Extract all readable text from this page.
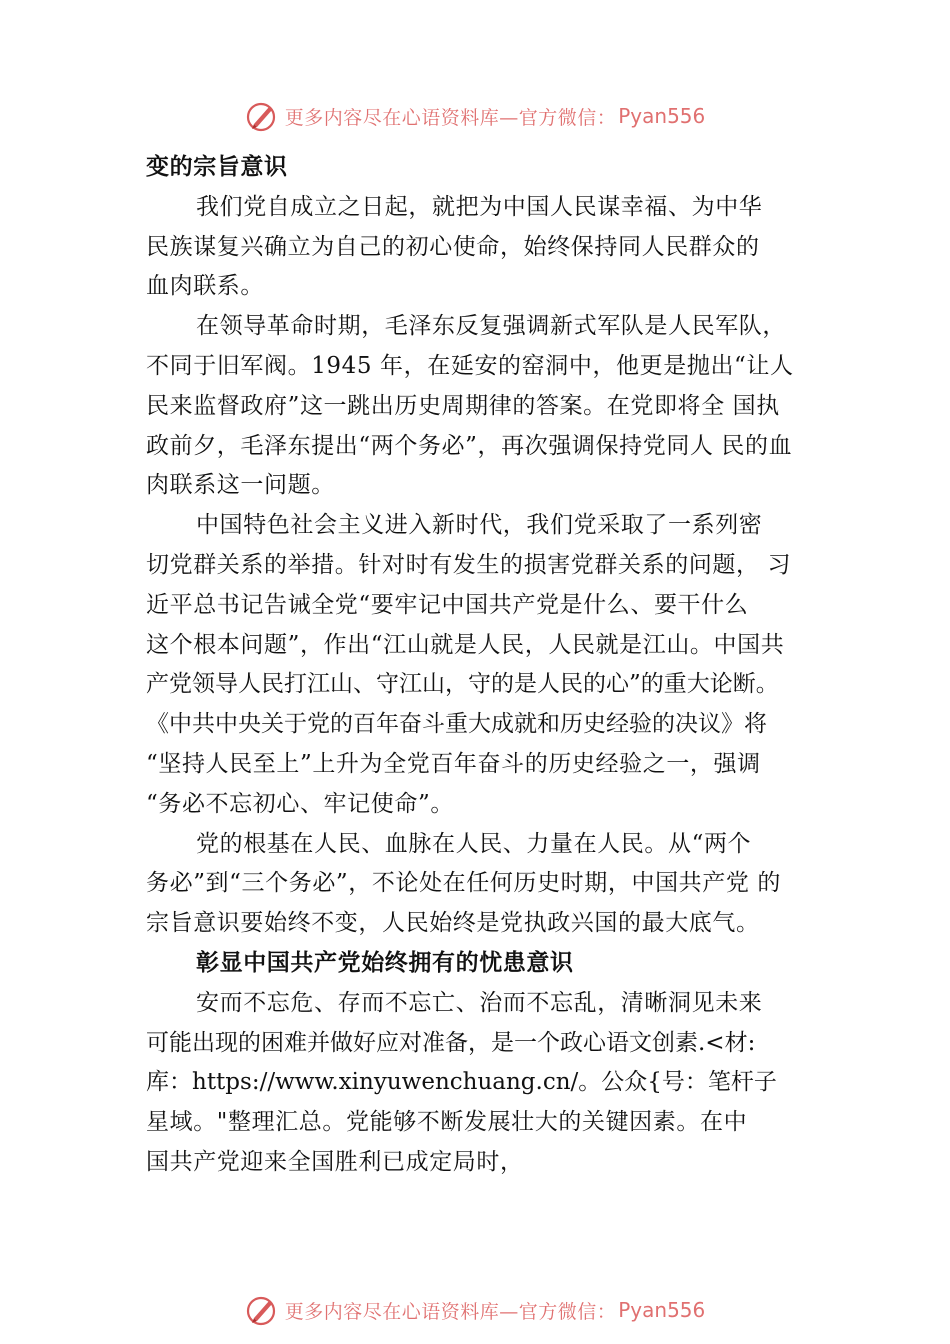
更多内容尽在心语资料库—官方微信： Pyan556
变的宗旨意识
我们党自成立之日起，就把为中国人民谋幸福、为中华
民族谋复兴确立为自己的初心使命，始终保持同人民群众的
血肉联系。
在领导革命时期，毛泽东反复强调新式军队是人民军队，
不同于旧军阀。1945 年，在延安的窑洞中，他更是抛出“让人
民来监督政府”这一跳出历史周期律的答案。在党即将全 国执
政前夕，毛泽东提出“两个务必”，再次强调保持党同人 民的血
肉联系这一问题。
中国特色社会主义进入新时代，我们党采取了一系列密
切党群关系的举措。针对时有发生的损害党群关系的问题， 习
近平总书记告诫全党“要牢记中国共产党是什么、要干什么
这个根本问题”，作出“江山就是人民，人民就是江山。中国共
产党领导人民打江山、守江山，守的是人民的心”的重大论断。
《中共中央关于党的百年奋斗重大成就和历史经验的决议》将
“坚持人民至上”上升为全党百年奋斗的历史经验之一，强调
“务必不忘初心、牢记使命”。
党的根基在人民、血脉在人民、力量在人民。从“两个
务必”到“三个务必”，不论处在任何历史时期，中国共产党 的
宗旨意识要始终不变，人民始终是党执政兴国的最大底气。
彰显中国共产党始终拥有的忧患意识
安而不忘危、存而不忘亡、治而不忘乱，清晰洞见未来
可能出现的困难并做好应对准备，是一个政心语文创素.<材:
库：https://www.xinyuwenchuang.cn/。公众{号：笔杆子
星域。"整理汇总。党能够不断发展壮大的关键因素。在中
国共产党迎来全国胜利已成定局时，
更多内容尽在心语资料库—官方微信： Pyan556
